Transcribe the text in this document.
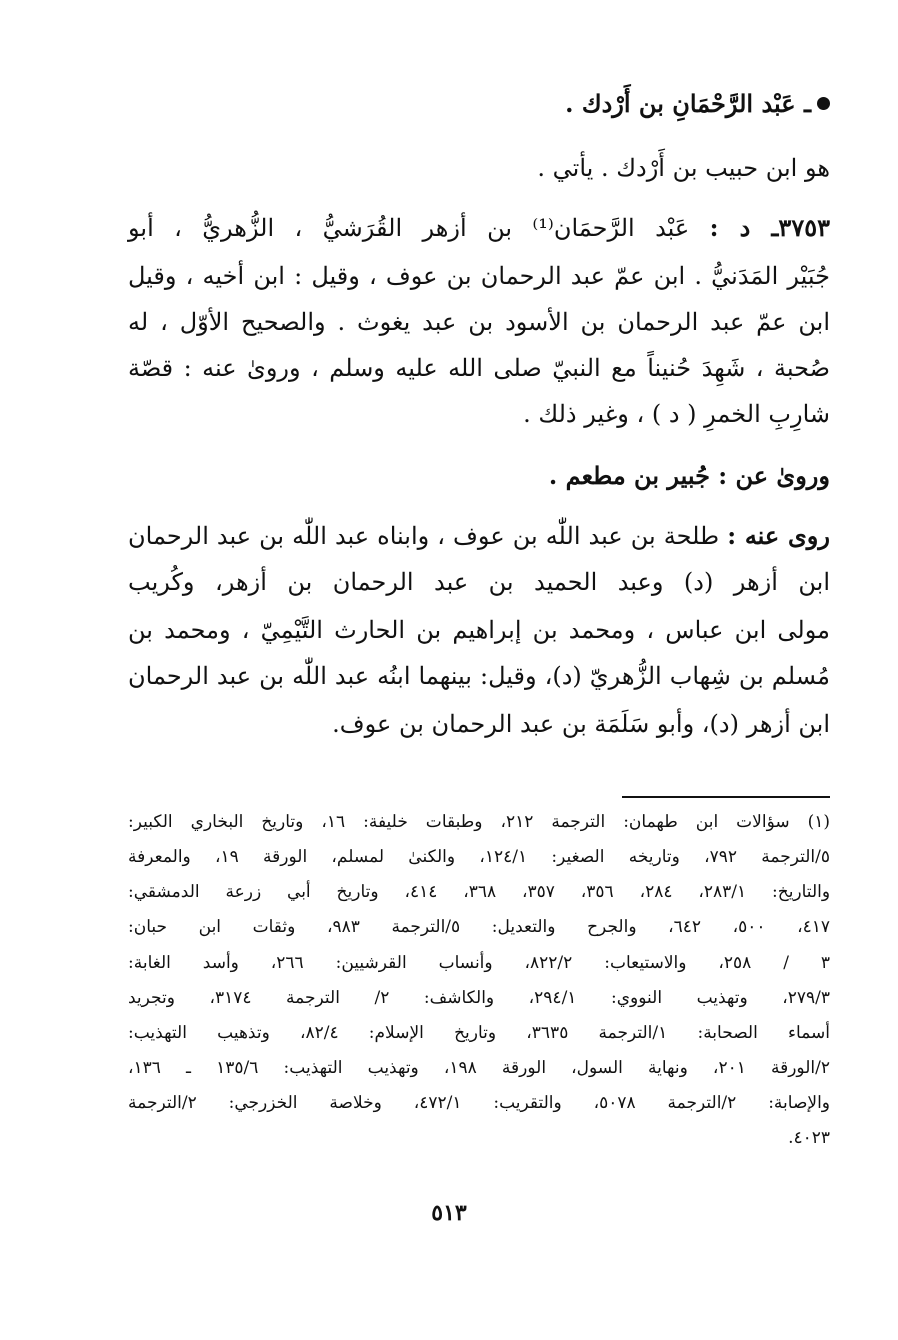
ـ عَبْد الرَّحْمَانِ بن أَرْدك .
هو ابن حبيب بن أَرْدك . يأتي .
٣٧٥٣ـ د : عَبْد الرَّحمَان⁽¹⁾ بن أزهر القُرَشيُّ ، الزُّهريُّ ، أبو
جُبَيْر المَدَنيُّ . ابن عمّ عبد الرحمان بن عوف ، وقيل : ابن أخيه ، وقيل
ابن عمّ عبد الرحمان بن الأسود بن عبد يغوث . والصحيح الأوّل ، له
صُحبة ، شَهِدَ حُنيناً مع النبيّ صلى الله عليه وسلم ، وروىٰ عنه : قصّة
شارِبِ الخمرِ ( د ) ، وغير ذلك .
ورویٰ عن : جُبير بن مطعم .
روى عنه : طلحة بن عبد اللّٰه بن عوف ، وابناه عبد اللّٰه بن عبد الرحمان
ابن أزهر (د) وعبد الحميد بن عبد الرحمان بن أزهر، وكُريب
مولى ابن عباس ، ومحمد بن إبراهيم بن الحارث التَّيْمِيّ ، ومحمد بن
مُسلم بن شِهاب الزُّهريّ (د)، وقيل: بينهما ابنُه عبد اللّٰه بن عبد الرحمان
ابن أزهر (د)، وأبو سَلَمَة بن عبد الرحمان بن عوف.
(١) سؤالات ابن طهمان: الترجمة ٢١٢، وطبقات خليفة: ١٦، وتاريخ البخاري الكبير:
٥/الترجمة ٧٩٢، وتاريخه الصغير: ١٢٤/١، والكنىٰ لمسلم، الورقة ١٩، والمعرفة
والتاريخ: ٢٨٣/١، ٢٨٤، ٣٥٦، ٣٥٧، ٣٦٨، ٤١٤، وتاريخ أبي زرعة الدمشقي:
٤١٧، ٥٠٠، ٦٤٢، والجرح والتعديل: ٥/الترجمة ٩٨٣، وثقات ابن حبان:
٣ / ٢٥٨، والاستيعاب: ٨٢٢/٢، وأنساب القرشيين: ٢٦٦، وأسد الغابة:
٢٧٩/٣، وتهذيب النووي: ٢٩٤/١، والكاشف: ٢/ الترجمة ٣١٧٤، وتجريد
أسماء الصحابة: ١/الترجمة ٣٦٣٥، وتاريخ الإسلام: ٨٢/٤، وتذهيب التهذيب:
٢/الورقة ٢٠١، ونهاية السول، الورقة ١٩٨، وتهذيب التهذيب: ١٣٥/٦ ـ ١٣٦،
والإصابة: ٢/الترجمة ٥٠٧٨، والتقريب: ٤٧٢/١، وخلاصة الخزرجي: ٢/الترجمة
٤٠٢٣.
٥١٣
